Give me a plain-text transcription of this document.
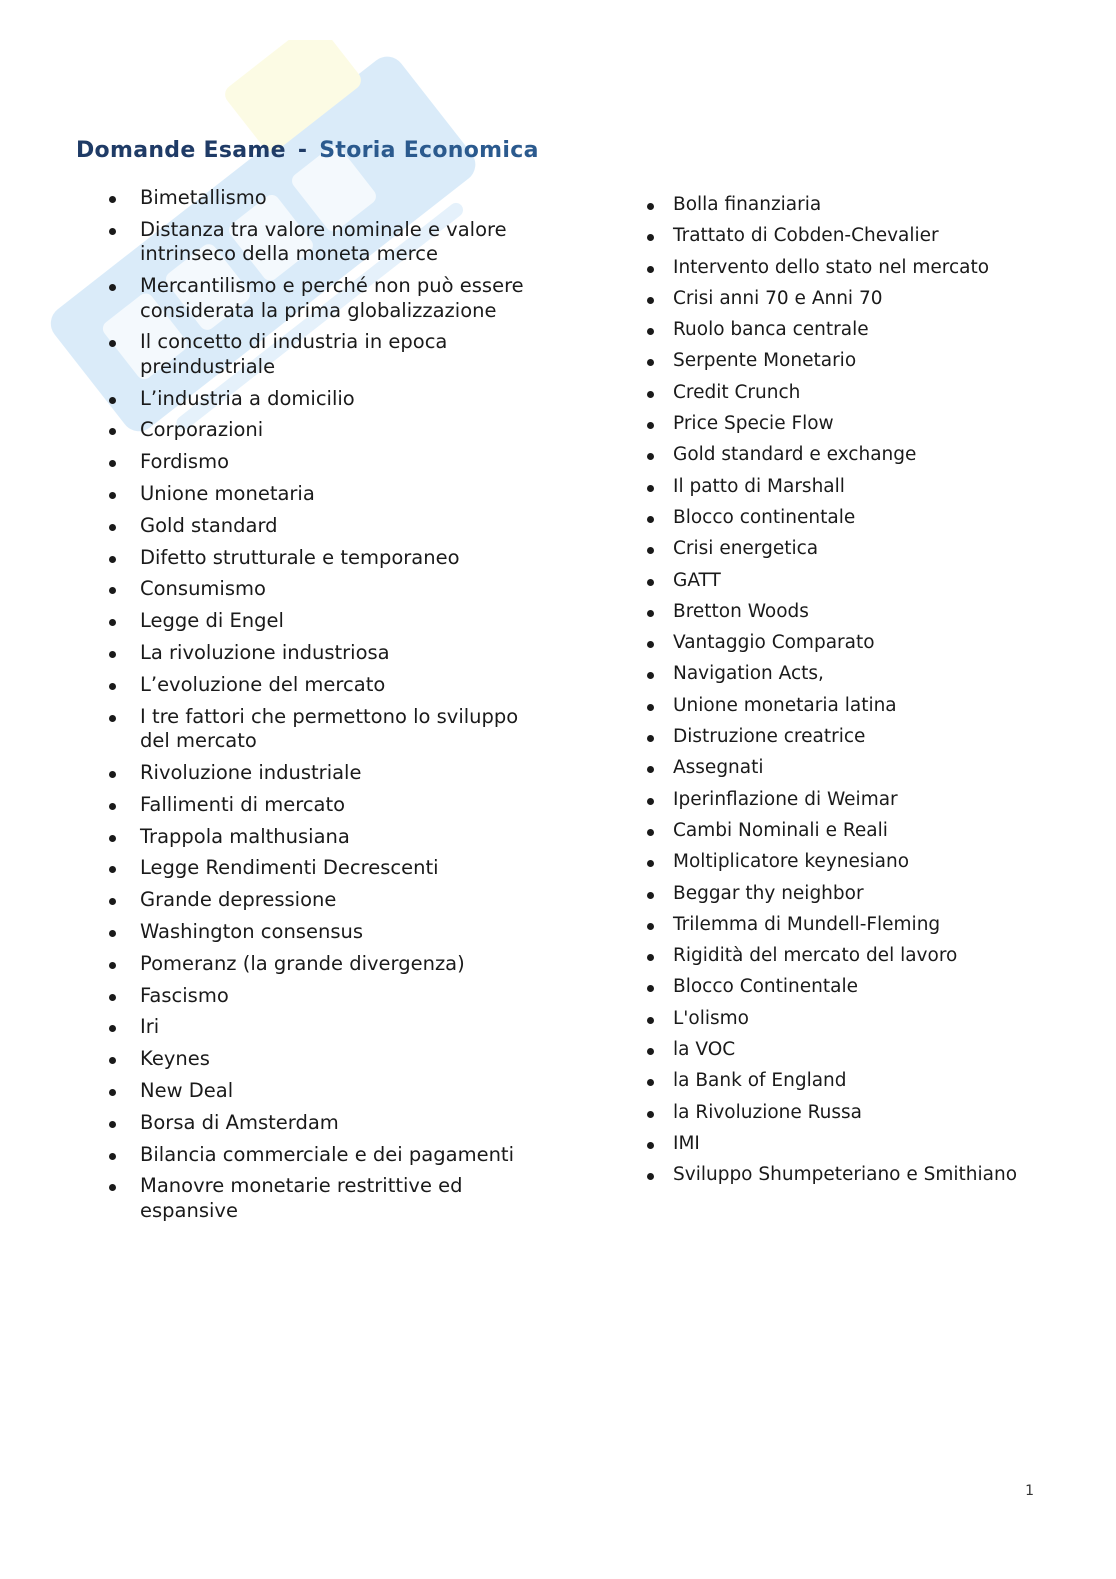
Domande Esame - Storia Economica
Bimetallismo
Distanza tra valore nominale e valore intrinseco della moneta merce
Mercantilismo e perché non può essere considerata la prima globalizzazione
Il concetto di industria in epoca preindustriale
L’industria a domicilio
Corporazioni
Fordismo
Unione monetaria
Gold standard
Difetto strutturale e temporaneo
Consumismo
Legge di Engel
La rivoluzione industriosa
L’evoluzione del mercato
I tre fattori che permettono lo sviluppo del mercato
Rivoluzione industriale
Fallimenti di mercato
Trappola malthusiana
Legge Rendimenti Decrescenti
Grande depressione
Washington consensus
Pomeranz (la grande divergenza)
Fascismo
Iri
Keynes
New Deal
Borsa di Amsterdam
Bilancia commerciale e dei pagamenti
Manovre monetarie restrittive ed espansive
Bolla finanziaria
Trattato di Cobden-Chevalier
Intervento dello stato nel mercato
Crisi anni 70 e Anni 70
Ruolo banca centrale
Serpente Monetario
Credit Crunch
Price Specie Flow
Gold standard e exchange
Il patto di Marshall
Blocco continentale
Crisi energetica
GATT
Bretton Woods
Vantaggio Comparato
Navigation Acts,
Unione monetaria latina
Distruzione creatrice
Assegnati
Iperinflazione di Weimar
Cambi Nominali e Reali
Moltiplicatore keynesiano
Beggar thy neighbor
Trilemma di Mundell-Fleming
Rigidità del mercato del lavoro
Blocco Continentale
L'olismo
la VOC
la Bank of England
la Rivoluzione Russa
IMI
Sviluppo Shumpeteriano e Smithiano
1
